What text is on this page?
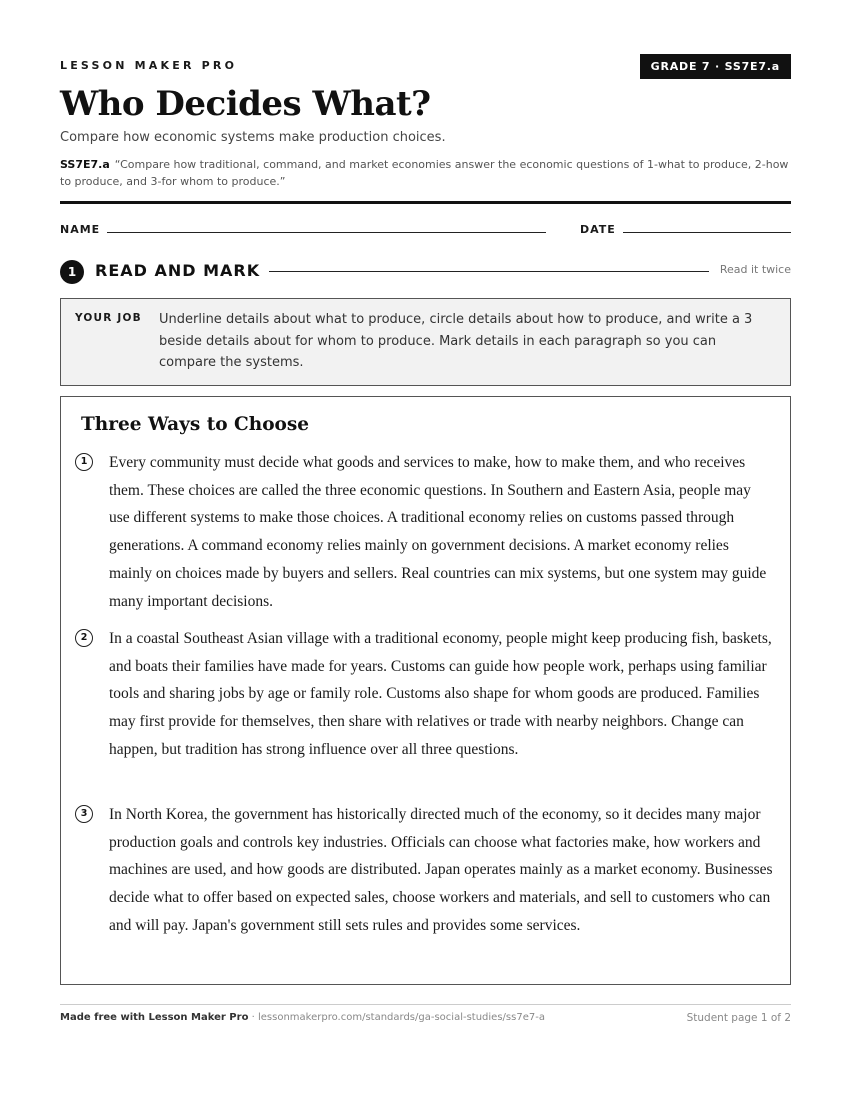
LESSON MAKER PRO	GRADE 7 · SS7E7.a
Who Decides What?
Compare how economic systems make production choices.
SS7E7.a “Compare how traditional, command, and market economies answer the economic questions of 1-what to produce, 2-how to produce, and 3-for whom to produce.”
NAME	DATE
1	READ AND MARK	Read it twice
YOUR JOB Underline details about what to produce, circle details about how to produce, and write a 3 beside details about for whom to produce. Mark details in each paragraph so you can compare the systems.
Three Ways to Choose
1	Every community must decide what goods and services to make, how to make them, and who receives them. These choices are called the three economic questions. In Southern and Eastern Asia, people may use different systems to make those choices. A traditional economy relies on customs passed through generations. A command economy relies mainly on government decisions. A market economy relies mainly on choices made by buyers and sellers. Real countries can mix systems, but one system may guide many important decisions.
2	In a coastal Southeast Asian village with a traditional economy, people might keep producing fish, baskets, and boats their families have made for years. Customs can guide how people work, perhaps using familiar tools and sharing jobs by age or family role. Customs also shape for whom goods are produced. Families may first provide for themselves, then share with relatives or trade with nearby neighbors. Change can happen, but tradition has strong influence over all three questions.
3	In North Korea, the government has historically directed much of the economy, so it decides many major production goals and controls key industries. Officials can choose what factories make, how workers and machines are used, and how goods are distributed. Japan operates mainly as a market economy. Businesses decide what to offer based on expected sales, choose workers and materials, and sell to customers who can and will pay. Japan's government still sets rules and provides some services.
Made free with Lesson Maker Pro · lessonmakerpro.com/standards/ga-social-studies/ss7e7-a	Student page 1 of 2
